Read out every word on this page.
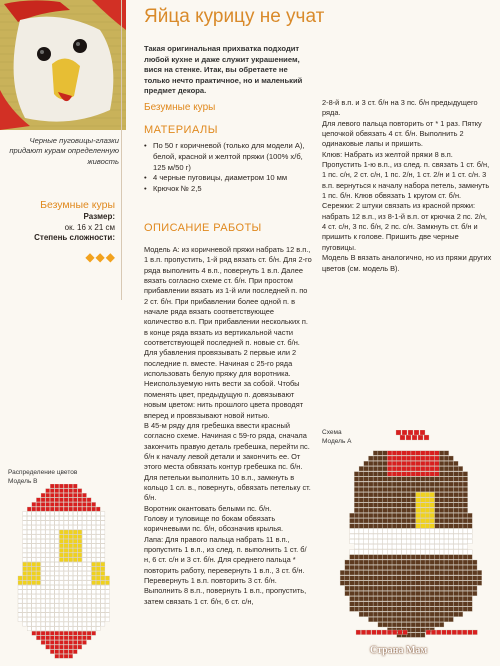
Черные пуговицы-глазки придают курам определенную живость
Безумные куры
Размер:
ок. 16 x 21 см
Степень сложности:
◆◆◆
Распределение цветов
Модель В
Яйца курицу не учат
Такая оригинальная прихватка подходит любой кухне и даже служит украшением, вися на стенке. Итак, вы обретаете не только нечто практичное, но и маленький предмет декора.
Безумные куры
МАТЕРИАЛЫ
• По 50 г коричневой (только для модели А), белой, красной и желтой пряжи (100% х/б, 125 м/50 г)
• 4 черные пуговицы, диаметром 10 мм
• Крючок № 2,5
ОПИСАНИЕ РАБОТЫ

Модель А: из коричневой пряжи набрать 12 в.п., 1 в.п. пропустить, 1-й ряд вязать ст. б/н. Для 2-го ряда выполнить 4 в.п., повернуть 1 в.п. Далее вязать согласно схеме ст. б/н. При простом прибавлении вязать из 1-й или последней п. по 2 ст. б/н. При прибавлении более одной п. в начале ряда вязать соответствующее количество в.п. При прибавлении нескольких п. в конце ряда вязать из вертикальной части соответствующей последней п. новые ст. б/н. Для убавления провязывать 2 первые или 2 последние п. вместе. Начиная с 25-го ряда использовать белую пряжу для воротника. Неиспользуемую нить вести за собой. Чтобы поменять цвет, предыдущую п. довязывают новым цветом: нить прошлого цвета проводят вперед и провязывают новой нитью.

В 45-м ряду для гребешка ввести красный согласно схеме. Начиная с 59-го ряда, сначала закончить правую деталь гребешка, перейти пс. б/н к началу левой детали и закончить ее. От этого места обвязать контур гребешка пс. б/н.

Для петельки выполнить 10 в.п., замкнуть в кольцо 1 сл. в., повернуть, обвязать петельку ст. б/н.

Воротник окантовать белыми пс. б/н.

Голову и туловище по бокам обвязать коричневыми пс. б/н, обозначив крылья.

Лапа: Для правого пальца набрать 11 в.п., пропустить 1 в.п., из след. п. выполнить 1 ст. б/н, 6 ст. с/н и 3 ст. б/н. Для среднего пальца * повторить работу, перевернуть 1 в.п., 3 ст. б/н. Перевернуть 1 в.п. повторить 3 ст. б/н. Выполнить 8 в.п., повернуть 1 в.п., пропустить, затем связать 1 ст. б/н, 6 ст. с/н,

2-8-й в.п. и 3 ст. б/н на 3 пс. б/н предыдущего ряда.

Для левого пальца повторить от * 1 раз. Пятку цепочкой обвязать 4 ст. б/н. Выполнить 2 одинаковые лапы и пришить.

Клюв: Набрать из желтой пряжи 8 в.п. Пропустить 1-ю в.п., из след. п. связать 1 ст. б/н, 1 пс. с/н, 2 ст. с/н, 1 пс. 2/н, 1 ст. 2/н и 1 ст. с/н. 3 в.п. вернуться к началу набора петель, замкнуть 1 пс. б/н. Клюв обвязать 1 кругом ст. б/н.

Сережки: 2 штуки связать из красной пряжи: набрать 12 в.п., из 8-1-й в.п. от крючка 2 пс. 2/н, 4 ст. с/н, 3 пс. б/н, 2 пс. с/н. Замкнуть ст. б/н и пришить к голове. Пришить две черные пуговицы.

Модель В вязать аналогично, но из пряжи других цветов (см. модель В).

Схема
Модель А
Страна Мам
